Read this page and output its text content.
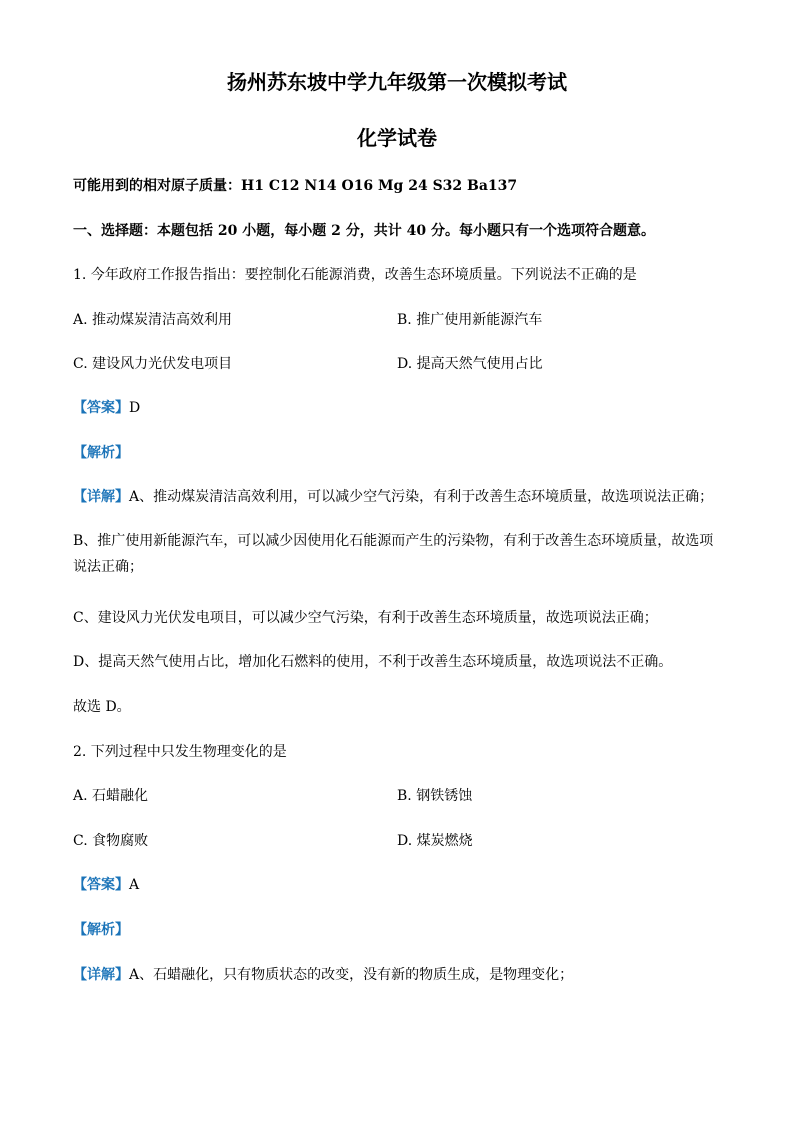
扬州苏东坡中学九年级第一次模拟考试
化学试卷
可能用到的相对原子质量：H1 C12 N14 O16 Mg 24 S32 Ba137
一、选择题：本题包括 20 小题，每小题 2 分，共计 40 分。每小题只有一个选项符合题意。
1. 今年政府工作报告指出：要控制化石能源消费，改善生态环境质量。下列说法不正确的是
A. 推动煤炭清洁高效利用	B. 推广使用新能源汽车
C. 建设风力光伏发电项目	D. 提高天然气使用占比
【答案】D
【解析】
【详解】A、推动煤炭清洁高效利用，可以减少空气污染，有利于改善生态环境质量，故选项说法正确；
B、推广使用新能源汽车，可以减少因使用化石能源而产生的污染物，有利于改善生态环境质量，故选项说法正确；
C、建设风力光伏发电项目，可以减少空气污染，有利于改善生态环境质量，故选项说法正确；
D、提高天然气使用占比，增加化石燃料的使用，不利于改善生态环境质量，故选项说法不正确。
故选 D。
2. 下列过程中只发生物理变化的是
A. 石蜡融化	B. 钢铁锈蚀
C. 食物腐败	D. 煤炭燃烧
【答案】A
【解析】
【详解】A、石蜡融化，只有物质状态的改变，没有新的物质生成，是物理变化；
